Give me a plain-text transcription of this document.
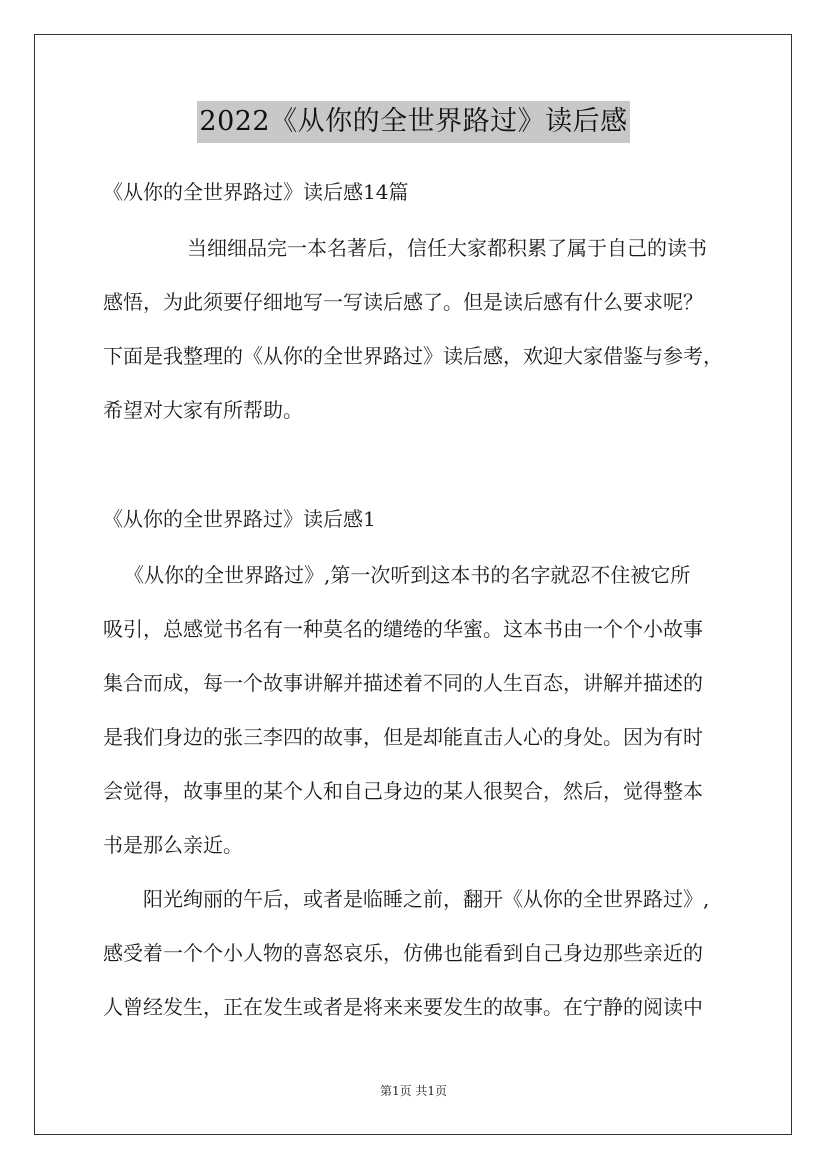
2022《从你的全世界路过》读后感
《从你的全世界路过》读后感14篇
当细细品完一本名著后，信任大家都积累了属于自己的读书
感悟，为此须要仔细地写一写读后感了。但是读后感有什么要求呢？
下面是我整理的《从你的全世界路过》读后感，欢迎大家借鉴与参考，
希望对大家有所帮助。
《从你的全世界路过》读后感1
《从你的全世界路过》,第一次听到这本书的名字就忍不住被它所
吸引，总感觉书名有一种莫名的缱绻的华蜜。这本书由一个个小故事
集合而成，每一个故事讲解并描述着不同的人生百态，讲解并描述的
是我们身边的张三李四的故事，但是却能直击人心的身处。因为有时
会觉得，故事里的某个人和自己身边的某人很契合，然后，觉得整本
书是那么亲近。
阳光绚丽的午后，或者是临睡之前，翻开《从你的全世界路过》,
感受着一个个小人物的喜怒哀乐，仿佛也能看到自己身边那些亲近的
人曾经发生，正在发生或者是将来来要发生的故事。在宁静的阅读中
第1页 共1页
